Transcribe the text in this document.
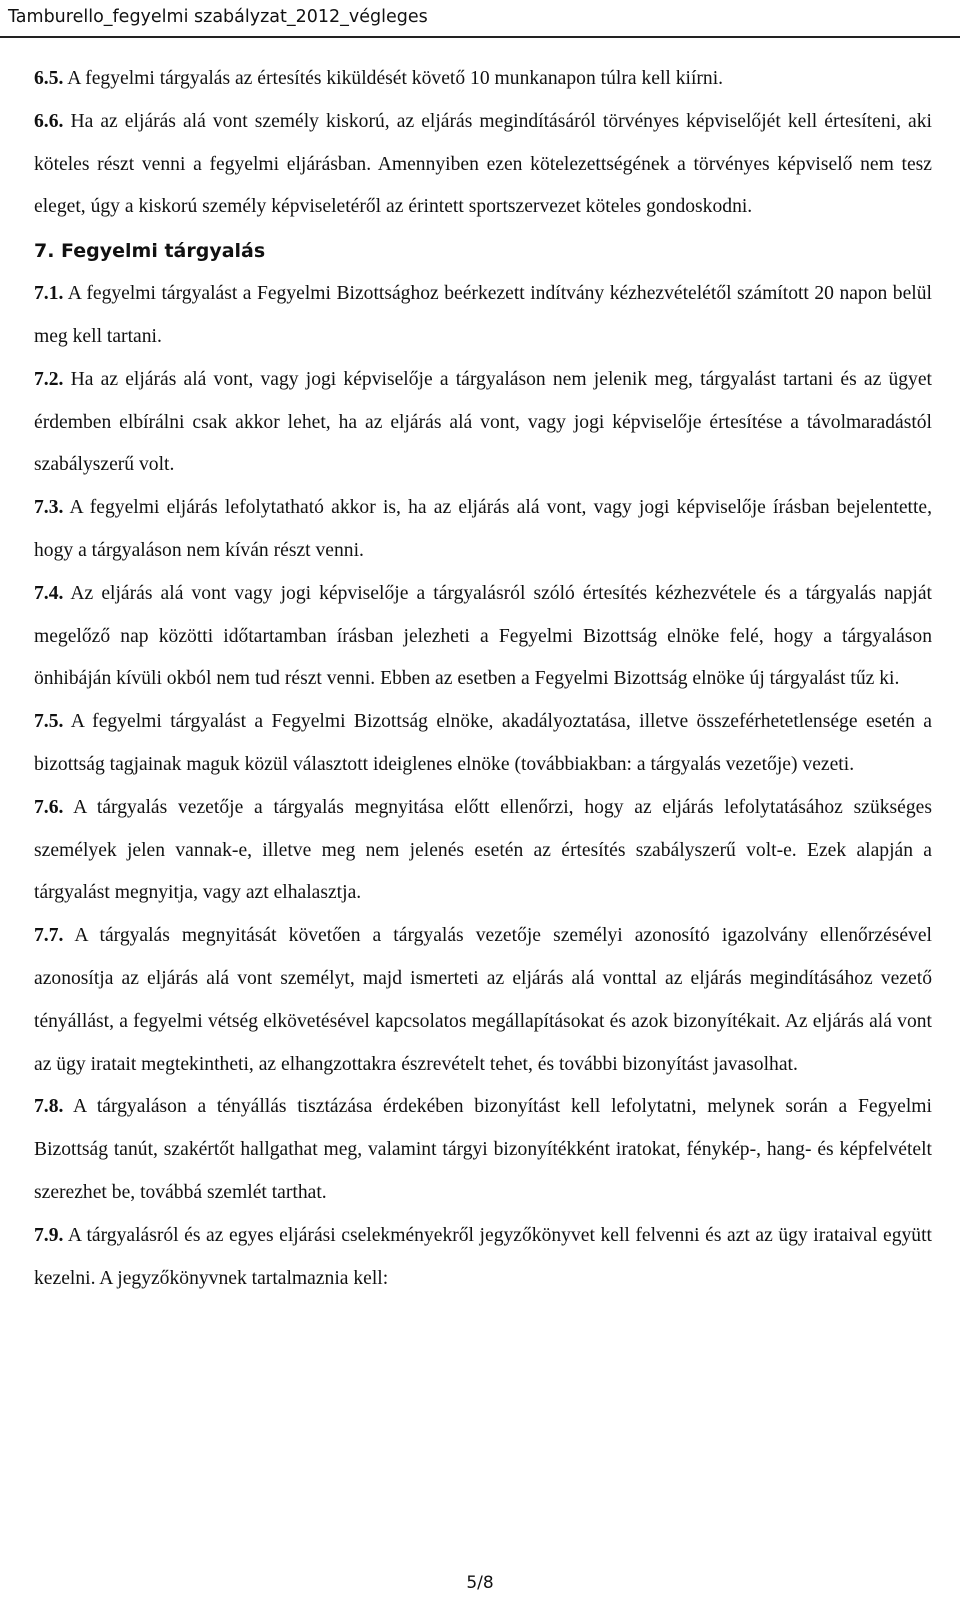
Tamburello_fegyelmi szabályzat_2012_végleges

6.5. A fegyelmi tárgyalás az értesítés kiküldését követő 10 munkanapon túlra kell kiírni.

6.6. Ha az eljárás alá vont személy kiskorú, az eljárás megindításáról törvényes képviselőjét kell értesíteni, aki köteles részt venni a fegyelmi eljárásban. Amennyiben ezen kötelezettségének a törvényes képviselő nem tesz eleget, úgy a kiskorú személy képviseletéről az érintett sportszervezet köteles gondoskodni.

7. Fegyelmi tárgyalás

7.1. A fegyelmi tárgyalást a Fegyelmi Bizottsághoz beérkezett indítvány kézhezvételétől számított 20 napon belül meg kell tartani.

7.2. Ha az eljárás alá vont, vagy jogi képviselője a tárgyaláson nem jelenik meg, tárgyalást tartani és az ügyet érdemben elbírálni csak akkor lehet, ha az eljárás alá vont, vagy jogi képviselője értesítése a távolmaradástól szabályszerű volt.

7.3. A fegyelmi eljárás lefolytatható akkor is, ha az eljárás alá vont, vagy jogi képviselője írásban bejelentette, hogy a tárgyaláson nem kíván részt venni.

7.4. Az eljárás alá vont vagy jogi képviselője a tárgyalásról szóló értesítés kézhezvétele és a tárgyalás napját megelőző nap közötti időtartamban írásban jelezheti a Fegyelmi Bizottság elnöke felé, hogy a tárgyaláson önhibáján kívüli okból nem tud részt venni. Ebben az esetben a Fegyelmi Bizottság elnöke új tárgyalást tűz ki.

7.5. A fegyelmi tárgyalást a Fegyelmi Bizottság elnöke, akadályoztatása, illetve összeférhetetlensége esetén a bizottság tagjainak maguk közül választott ideiglenes elnöke (továbbiakban: a tárgyalás vezetője) vezeti.

7.6. A tárgyalás vezetője a tárgyalás megnyitása előtt ellenőrzi, hogy az eljárás lefolytatásához szükséges személyek jelen vannak-e, illetve meg nem jelenés esetén az értesítés szabályszerű volt-e. Ezek alapján a tárgyalást megnyitja, vagy azt elhalasztja.

7.7. A tárgyalás megnyitását követően a tárgyalás vezetője személyi azonosító igazolvány ellenőrzésével azonosítja az eljárás alá vont személyt, majd ismerteti az eljárás alá vonttal az eljárás megindításához vezető tényállást, a fegyelmi vétség elkövetésével kapcsolatos megállapításokat és azok bizonyítékait. Az eljárás alá vont az ügy iratait megtekintheti, az elhangzottakra észrevételt tehet, és további bizonyítást javasolhat.

7.8. A tárgyaláson a tényállás tisztázása érdekében bizonyítást kell lefolytatni, melynek során a Fegyelmi Bizottság tanút, szakértőt hallgathat meg, valamint tárgyi bizonyítékként iratokat, fénykép-, hang- és képfelvételt szerezhet be, továbbá szemlét tarthat.

7.9. A tárgyalásról és az egyes eljárási cselekményekről jegyzőkönyvet kell felvenni és azt az ügy irataival együtt kezelni. A jegyzőkönyvnek tartalmaznia kell:

5/8
